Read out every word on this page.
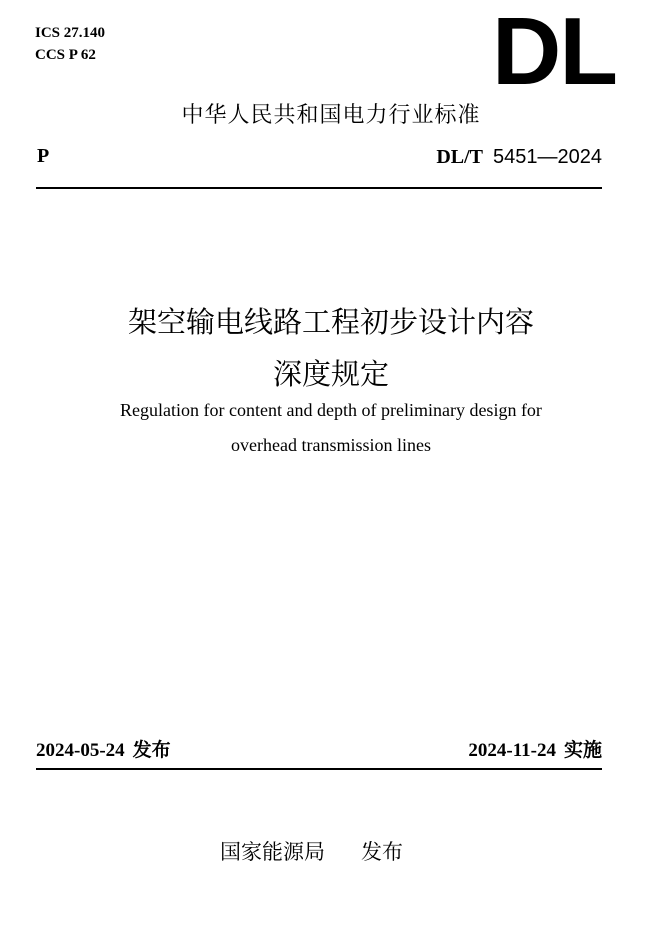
ICS 27.140
CCS P 62	DL
中华人民共和国电力行业标准
P	DL/T 5451—2024
架空输电线路工程初步设计内容
深度规定
Regulation for content and depth of preliminary design for
overhead transmission lines
2024-05-24 发布	2024-11-24 实施
国家能源局 发布
